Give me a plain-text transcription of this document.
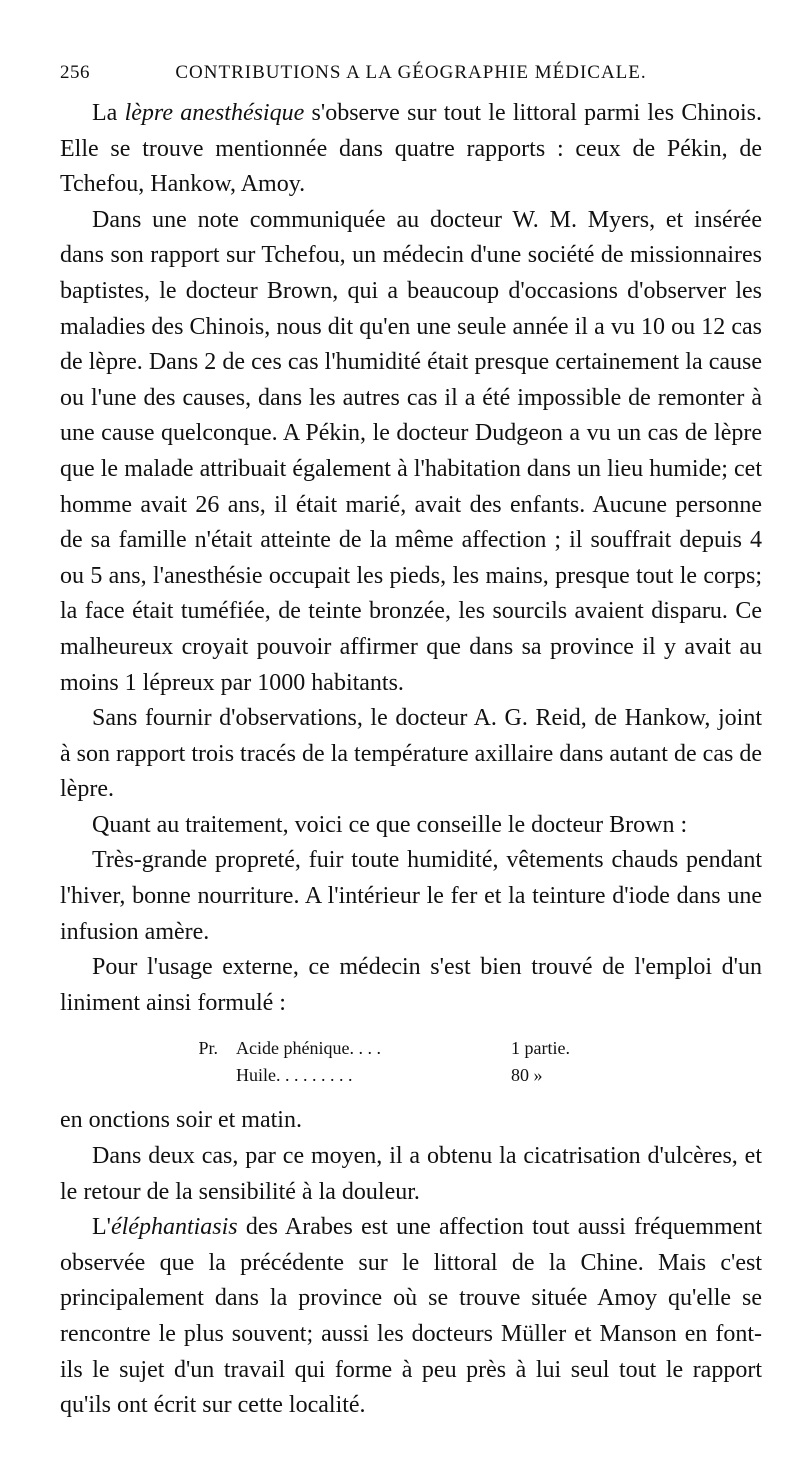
256	CONTRIBUTIONS A LA GÉOGRAPHIE MÉDICALE.

La lèpre anesthésique s'observe sur tout le littoral parmi les Chinois. Elle se trouve mentionnée dans quatre rapports : ceux de Pékin, de Tchefou, Hankow, Amoy.

Dans une note communiquée au docteur W. M. Myers, et insérée dans son rapport sur Tchefou, un médecin d'une société de missionnaires baptistes, le docteur Brown, qui a beaucoup d'occasions d'observer les maladies des Chinois, nous dit qu'en une seule année il a vu 10 ou 12 cas de lèpre. Dans 2 de ces cas l'humidité était presque certainement la cause ou l'une des causes, dans les autres cas il a été impossible de remonter à une cause quelconque. A Pékin, le docteur Dudgeon a vu un cas de lèpre que le malade attribuait également à l'habitation dans un lieu humide; cet homme avait 26 ans, il était marié, avait des enfants. Aucune personne de sa famille n'était atteinte de la même affection ; il souffrait depuis 4 ou 5 ans, l'anesthésie occupait les pieds, les mains, presque tout le corps; la face était tuméfiée, de teinte bronzée, les sourcils avaient disparu. Ce malheureux croyait pouvoir affirmer que dans sa province il y avait au moins 1 lépreux par 1000 habitants.

Sans fournir d'observations, le docteur A. G. Reid, de Hankow, joint à son rapport trois tracés de la température axillaire dans autant de cas de lèpre.

Quant au traitement, voici ce que conseille le docteur Brown :

Très-grande propreté, fuir toute humidité, vêtements chauds pendant l'hiver, bonne nourriture. A l'intérieur le fer et la teinture d'iode dans une infusion amère.

Pour l'usage externe, ce médecin s'est bien trouvé de l'emploi d'un liniment ainsi formulé :

Pr.	Acide phénique. . . .	1 partie.
Huile. . . . . . . . .	80 »

en onctions soir et matin.

Dans deux cas, par ce moyen, il a obtenu la cicatrisation d'ulcères, et le retour de la sensibilité à la douleur.

L'éléphantiasis des Arabes est une affection tout aussi fréquemment observée que la précédente sur le littoral de la Chine. Mais c'est principalement dans la province où se trouve située Amoy qu'elle se rencontre le plus souvent; aussi les docteurs Müller et Manson en font-ils le sujet d'un travail qui forme à peu près à lui seul tout le rapport qu'ils ont écrit sur cette localité.
